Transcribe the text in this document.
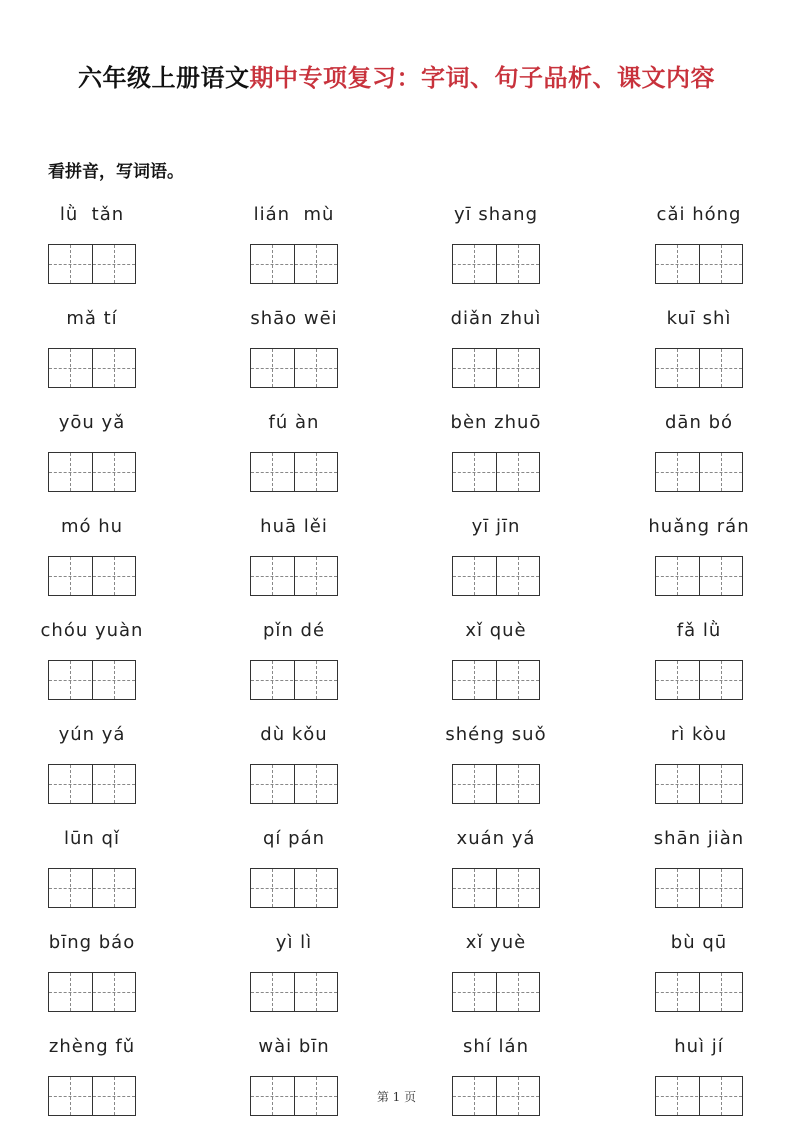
六年级上册语文期中专项复习：字词、句子品析、课文内容
看拼音，写词语。
lǜ  tǎn	lián  mù	yī shang	cǎi hóng
mǎ tí	shāo wēi	diǎn zhuì	kuī shì
yōu yǎ	fú àn	bèn zhuō	dān bó
mó hu	huā lěi	yī jīn	huǎng rán
chóu yuàn	pǐn dé	xǐ què	fǎ lǜ
yún yá	dù kǒu	shéng suǒ	rì kòu
lūn qǐ	qí pán	xuán yá	shān jiàn
bīng báo	yì lì	xǐ yuè	bù qū
zhèng fǔ	wài bīn	shí lán	huì jí
第 1 页
